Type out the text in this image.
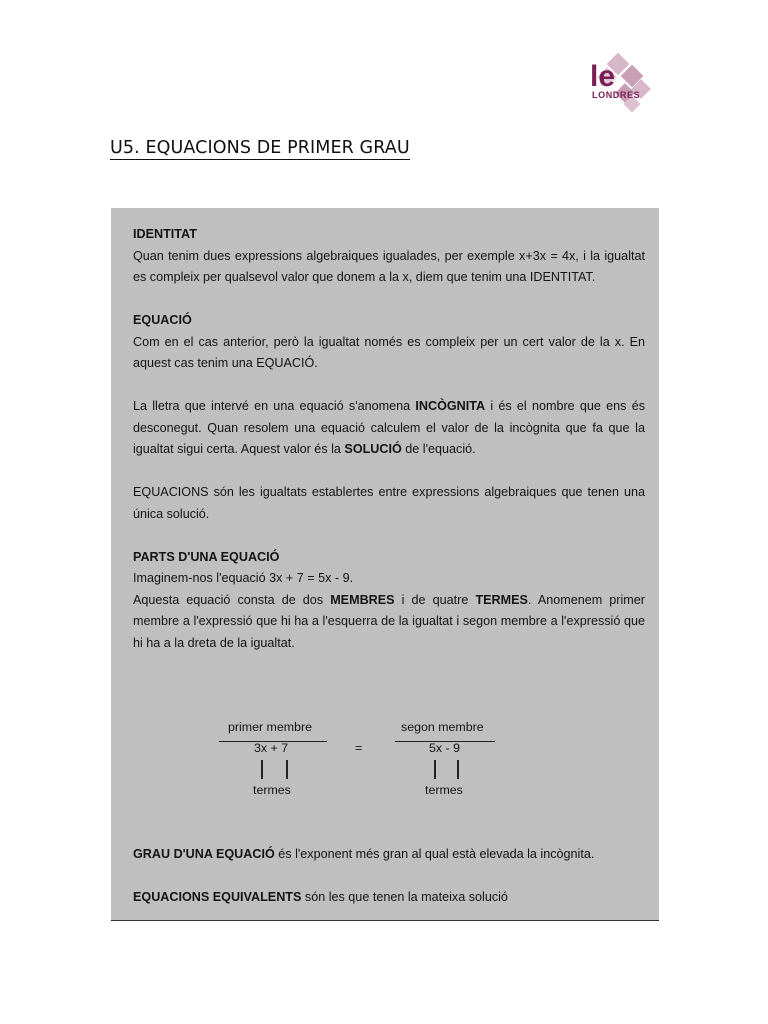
le
LONDRES
U5. EQUACIONS DE PRIMER GRAU

IDENTITAT

Quan tenim dues expressions algebraiques igualades, per exemple x+3x = 4x, i la igualtat es compleix per qualsevol valor que donem a la x, diem que tenim una IDENTITAT.

EQUACIÓ

Com en el cas anterior, però la igualtat només es compleix per un cert valor de la x. En aquest cas tenim una EQUACIÓ.

La lletra que intervé en una equació s'anomena INCÒGNITA i és el nombre que ens és desconegut. Quan resolem una equació calculem el valor de la incògnita que fa que la igualtat sigui certa. Aquest valor és la SOLUCIÓ de l'equació.

EQUACIONS són les igualtats establertes entre expressions algebraiques que tenen una única solució.

PARTS D'UNA EQUACIÓ

Imaginem-nos l'equació 3x + 7 = 5x - 9.

Aquesta equació consta de dos MEMBRES i de quatre TERMES. Anomenem primer membre a l'expressió que hi ha a l'esquerra de la igualtat i segon membre a l'expressió que hi ha a la dreta de la igualtat.

primer membre
3x + 7
termes
=
segon membre
5x - 9
termes

GRAU D'UNA EQUACIÓ és l'exponent més gran al qual està elevada la incògnita.

EQUACIONS EQUIVALENTS són les que tenen la mateixa solució
